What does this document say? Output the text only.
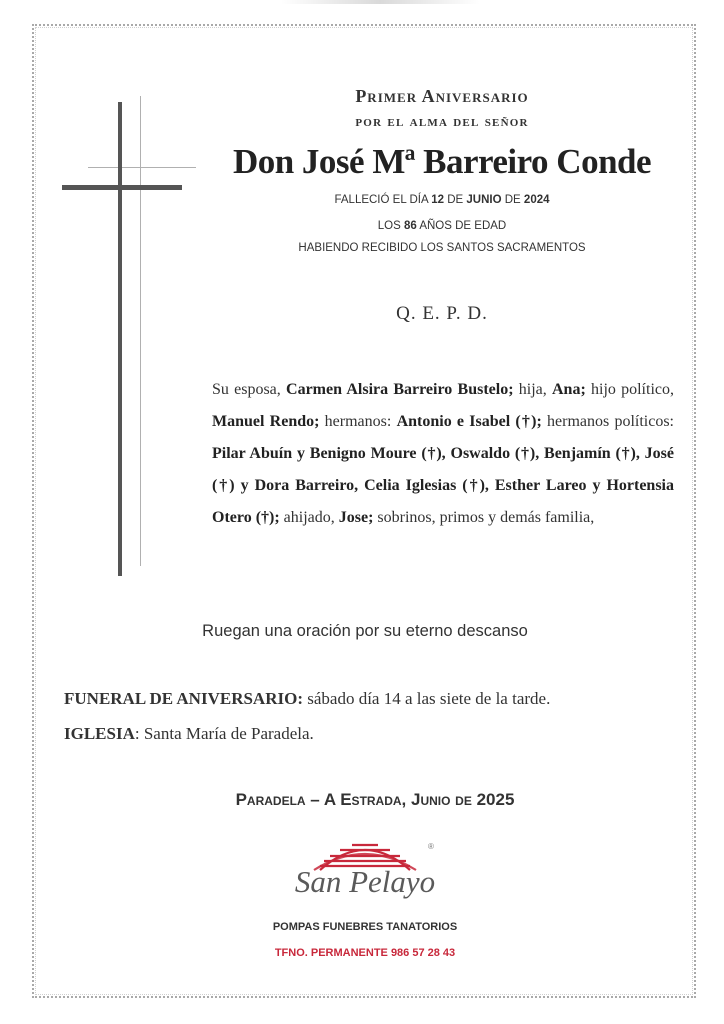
Primer Aniversario
por el alma del señor
Don José Mª Barreiro Conde
FALLECIÓ EL DÍA 12 DE JUNIO DE 2024
LOS 86 AÑOS DE EDAD
HABIENDO RECIBIDO LOS SANTOS SACRAMENTOS
Q. E. P. D.
Su esposa, Carmen Alsira Barreiro Bustelo; hija, Ana; hijo político, Manuel Rendo; hermanos: Antonio e Isabel (†); hermanos políticos: Pilar Abuín y Benigno Moure (†), Oswaldo (†), Benjamín (†), José (†) y Dora Barreiro, Celia Iglesias (†), Esther Lareo y Hortensia Otero (†); ahijado, Jose; sobrinos, primos y demás familia,
Ruegan una oración por su eterno descanso
FUNERAL DE ANIVERSARIO: sábado día 14 a las siete de la tarde.
IGLESIA: Santa María de Paradela.
Paradela – A Estrada, Junio de 2025
®
San Pelayo
POMPAS FUNEBRES TANATORIOS
TFNO. PERMANENTE 986 57 28 43
